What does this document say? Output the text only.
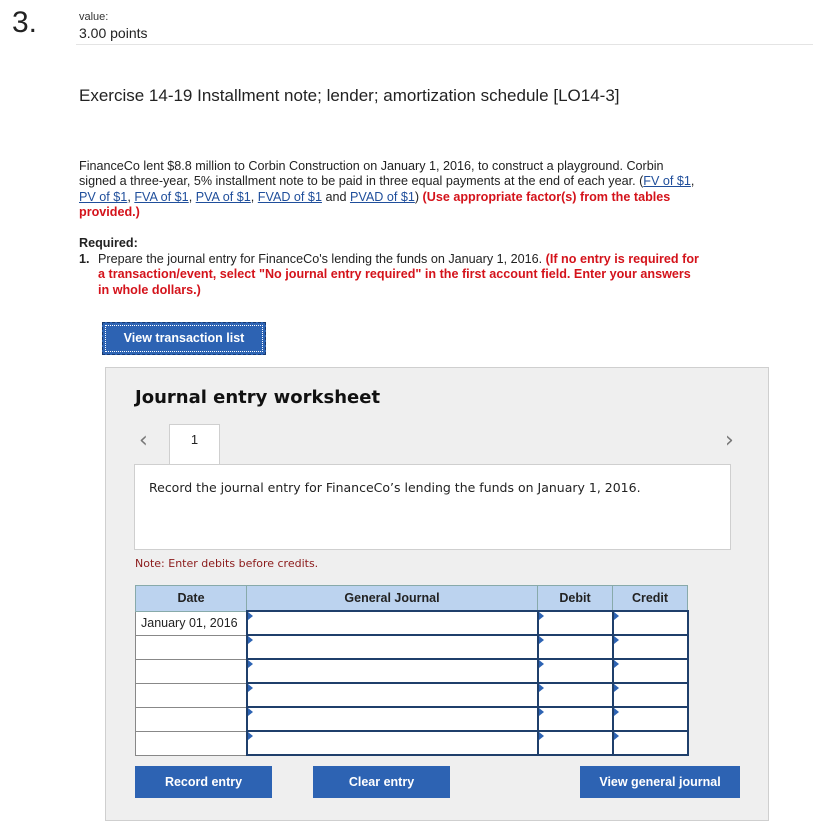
3.	value:
3.00 points
Exercise 14-19 Installment note; lender; amortization schedule [LO14-3]
FinanceCo lent $8.8 million to Corbin Construction on January 1, 2016, to construct a playground. Corbin signed a three-year, 5% installment note to be paid in three equal payments at the end of each year. (FV of $1, PV of $1, FVA of $1, PVA of $1, FVAD of $1 and PVAD of $1) (Use appropriate factor(s) from the tables provided.)
Required:
1. Prepare the journal entry for FinanceCo's lending the funds on January 1, 2016. (If no entry is required for a transaction/event, select "No journal entry required" in the first account field. Enter your answers in whole dollars.)
View transaction list
Journal entry worksheet
‹	1	›
Record the journal entry for FinanceCo’s lending the funds on January 1, 2016.
Note: Enter debits before credits.
Date	General Journal	Debit	Credit
January 01, 2016			

Record entry	Clear entry	View general journal
